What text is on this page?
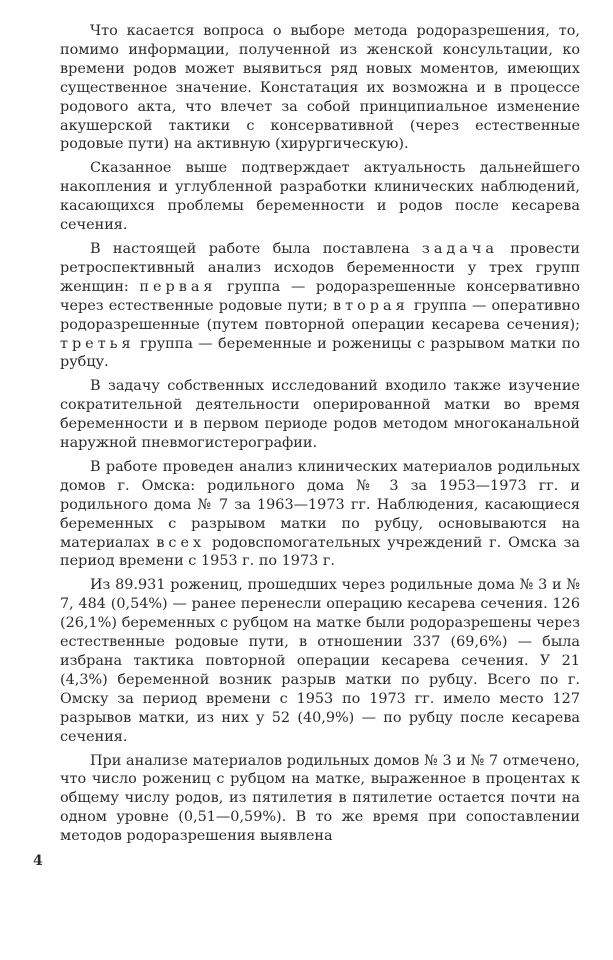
Что касается вопроса о выборе метода родоразрешения, то, помимо информации, полученной из женской консультации, ко времени родов может выявиться ряд новых моментов, имеющих существенное значение. Констатация их возможна и в процессе родового акта, что влечет за собой принципиальное изменение акушерской тактики с консервативной (через естественные родовые пути) на активную (хирургическую).

Сказанное выше подтверждает актуальность дальнейшего накопления и углубленной разработки клинических наблюдений, касающихся проблемы беременности и родов после кесарева сечения.

В настоящей работе была поставлена задача провести ретроспективный анализ исходов беременности у трех групп женщин: первая группа — родоразрешенные консервативно через естественные родовые пути; вторая группа — оперативно родоразрешенные (путем повторной операции кесарева сечения); третья группа — беременные и роженицы с разрывом матки по рубцу.

В задачу собственных исследований входило также изучение сократительной деятельности оперированной матки во время беременности и в первом периоде родов методом многоканальной наружной пневмогистерографии.

В работе проведен анализ клинических материалов родильных домов г. Омска: родильного дома № 3 за 1953—1973 гг. и родильного дома № 7 за 1963—1973 гг. Наблюдения, касающиеся беременных с разрывом матки по рубцу, основываются на материалах всех родовспомогательных учреждений г. Омска за период времени с 1953 г. по 1973 г.

Из 89.931 рожениц, прошедших через родильные дома № 3 и № 7, 484 (0,54%) — ранее перенесли операцию кесарева сечения. 126 (26,1%) беременных с рубцом на матке были родоразрешены через естественные родовые пути, в отношении 337 (69,6%) — была избрана тактика повторной операции кесарева сечения. У 21 (4,3%) беременной возник разрыв матки по рубцу. Всего по г. Омску за период времени с 1953 по 1973 гг. имело место 127 разрывов матки, из них у 52 (40,9%) — по рубцу после кесарева сечения.

При анализе материалов родильных домов № 3 и № 7 отмечено, что число рожениц с рубцом на матке, выраженное в процентах к общему числу родов, из пятилетия в пятилетие остается почти на одном уровне (0,51—0,59%). В то же время при сопоставлении методов родоразрешения выявлена

4
